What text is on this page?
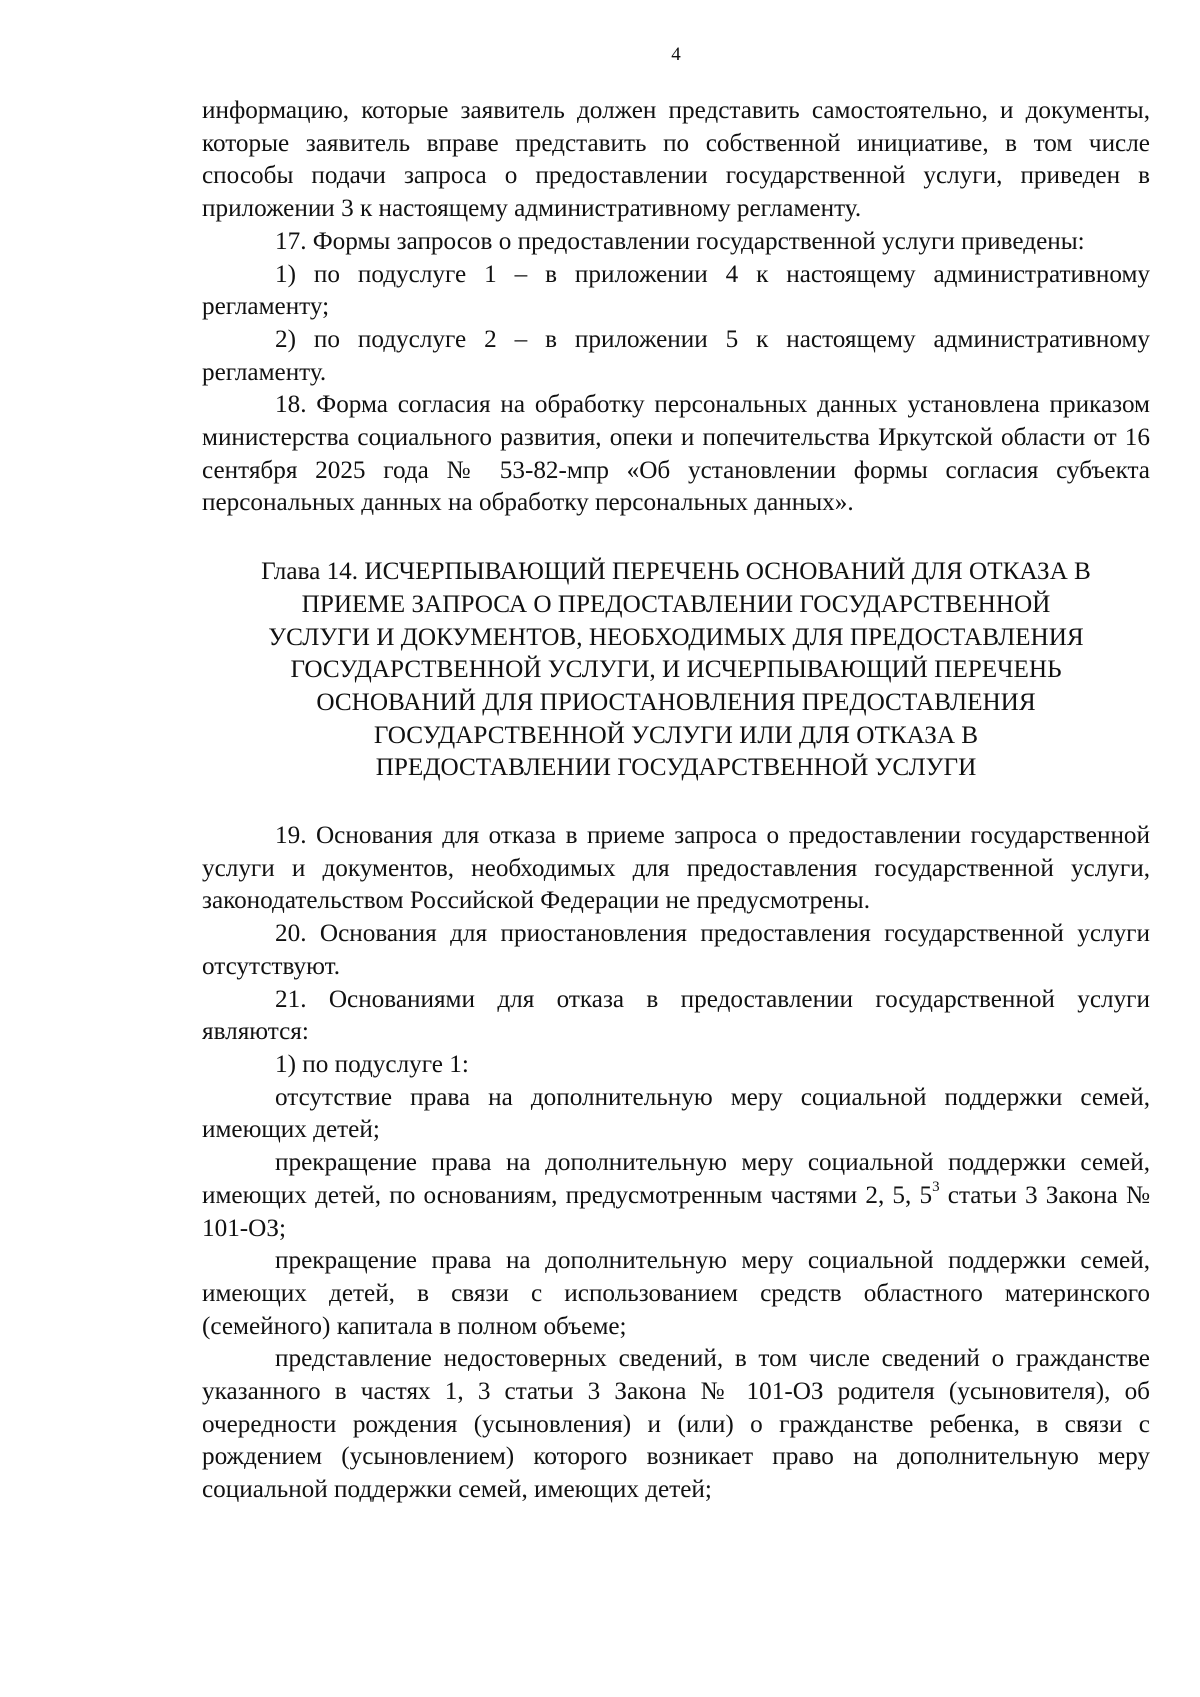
4

информацию, которые заявитель должен представить самостоятельно, и документы, которые заявитель вправе представить по собственной инициативе, в том числе способы подачи запроса о предоставлении государственной услуги, приведен в приложении 3 к настоящему административному регламенту.

17. Формы запросов о предоставлении государственной услуги приведены:

1) по подуслуге 1 – в приложении 4 к настоящему административному регламенту;

2) по подуслуге 2 – в приложении 5 к настоящему административному регламенту.

18. Форма согласия на обработку персональных данных установлена приказом министерства социального развития, опеки и попечительства Иркутской области от 16 сентября 2025 года № 53-82-мпр «Об установлении формы согласия субъекта персональных данных на обработку персональных данных».

Глава 14. ИСЧЕРПЫВАЮЩИЙ ПЕРЕЧЕНЬ ОСНОВАНИЙ ДЛЯ ОТКАЗА В
ПРИЕМЕ ЗАПРОСА О ПРЕДОСТАВЛЕНИИ ГОСУДАРСТВЕННОЙ
УСЛУГИ И ДОКУМЕНТОВ, НЕОБХОДИМЫХ ДЛЯ ПРЕДОСТАВЛЕНИЯ
ГОСУДАРСТВЕННОЙ УСЛУГИ, И ИСЧЕРПЫВАЮЩИЙ ПЕРЕЧЕНЬ
ОСНОВАНИЙ ДЛЯ ПРИОСТАНОВЛЕНИЯ ПРЕДОСТАВЛЕНИЯ
ГОСУДАРСТВЕННОЙ УСЛУГИ ИЛИ ДЛЯ ОТКАЗА В
ПРЕДОСТАВЛЕНИИ ГОСУДАРСТВЕННОЙ УСЛУГИ

19. Основания для отказа в приеме запроса о предоставлении государственной услуги и документов, необходимых для предоставления государственной услуги, законодательством Российской Федерации не предусмотрены.

20. Основания для приостановления предоставления государственной услуги отсутствуют.

21. Основаниями для отказа в предоставлении государственной услуги являются:

1) по подуслуге 1:

отсутствие права на дополнительную меру социальной поддержки семей, имеющих детей;

прекращение права на дополнительную меру социальной поддержки семей, имеющих детей, по основаниям, предусмотренным частями 2, 5, $5^3$ статьи 3 Закона № 101-ОЗ;

прекращение права на дополнительную меру социальной поддержки семей, имеющих детей, в связи с использованием средств областного материнского (семейного) капитала в полном объеме;

представление недостоверных сведений, в том числе сведений о гражданстве указанного в частях 1, 3 статьи 3 Закона № 101-ОЗ родителя (усыновителя), об очередности рождения (усыновления) и (или) о гражданстве ребенка, в связи с рождением (усыновлением) которого возникает право на дополнительную меру социальной поддержки семей, имеющих детей;
